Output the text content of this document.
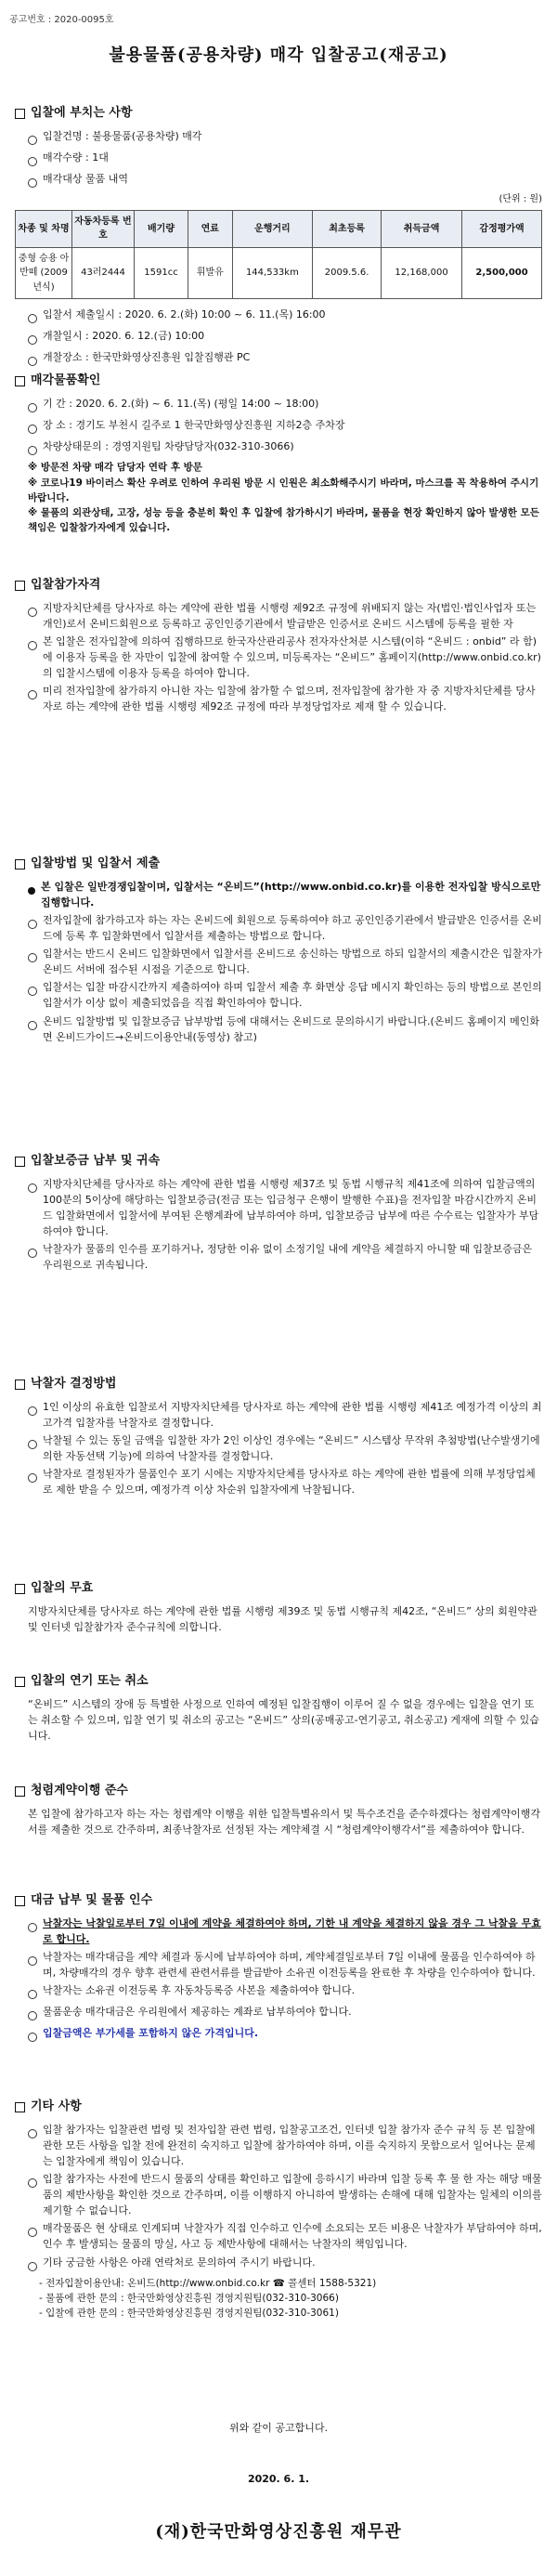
공고번호 : 2020-0095호
불용물품(공용차량) 매각 입찰공고(재공고)
입찰에 부치는 사항
입찰건명 : 불용물품(공용차량) 매각
매각수량 : 1대
매각대상 물품 내역
(단위 : 원)
차종 및 차명	자동차등록 번 호	배기량	연료	운행거리	최초등록	취득금액	감정평가액
중형 승용 아반떼 (2009년식)	43러2444	1591cc	휘발유	144,533km	2009.5.6.	12,168,000	2,500,000
입찰서 제출일시 : 2020. 6. 2.(화) 10:00 ~ 6. 11.(목) 16:00
개찰일시 : 2020. 6. 12.(금) 10:00
개찰장소 : 한국만화영상진흥원 입찰집행관 PC
매각물품확인
기 간 : 2020. 6. 2.(화) ~ 6. 11.(목) (평일 14:00 ~ 18:00)
장 소 : 경기도 부천시 길주로 1 한국만화영상진흥원 지하2층 주차장
차량상태문의 : 경영지원팀 차량담당자(032-310-3066)
※ 방문전 차량 매각 담당자 연락 후 방문
※ 코로나19 바이러스 확산 우려로 인하여 우리원 방문 시 인원은 최소화해주시기 바라며, 마스크를 꼭 착용하여 주시기 바랍니다.
※ 물품의 외관상태, 고장, 성능 등을 충분히 확인 후 입찰에 참가하시기 바라며, 물품을 현장 확인하지 않아 발생한 모든 책임은 입찰참가자에게 있습니다.
입찰참가자격
지방자치단체를 당사자로 하는 계약에 관한 법률 시행령 제92조 규정에 위배되지 않는 자(법인·법인사업자 또는 개인)로서 온비드회원으로 등록하고 공인인증기관에서 발급받은 인증서로 온비드 시스템에 등록을 필한 자
본 입찰은 전자입찰에 의하여 집행하므로 한국자산관리공사 전자자산처분 시스템(이하 “온비드 : onbid” 라 함)에 이용자 등록을 한 자만이 입찰에 참여할 수 있으며, 미등록자는 “온비드” 홈페이지(http://www.onbid.co.kr)의 입찰시스템에 이용자 등록을 하여야 합니다.
미리 전자입찰에 참가하지 아니한 자는 입찰에 참가할 수 없으며, 전자입찰에 참가한 자 중 지방자치단체를 당사자로 하는 계약에 관한 법률 시행령 제92조 규정에 따라 부정당업자로 제재 할 수 있습니다.
입찰방법 및 입찰서 제출
본 입찰은 일반경쟁입찰이며, 입찰서는 “온비드”(http://www.onbid.co.kr)를 이용한 전자입찰 방식으로만 집행합니다.
전자입찰에 참가하고자 하는 자는 온비드에 회원으로 등록하여야 하고 공인인증기관에서 발급받은 인증서를 온비드에 등록 후 입찰화면에서 입찰서를 제출하는 방법으로 합니다.
입찰서는 반드시 온비드 입찰화면에서 입찰서를 온비드로 송신하는 방법으로 하되 입찰서의 제출시간은 입찰자가 온비드 서버에 접수된 시점을 기준으로 합니다.
입찰서는 입찰 마감시간까지 제출하여야 하며 입찰서 제출 후 화면상 응답 메시지 확인하는 등의 방법으로 본인의 입찰서가 이상 없이 제출되었음을 직접 확인하여야 합니다.
온비드 입찰방법 및 입찰보증금 납부방법 등에 대해서는 온비드로 문의하시기 바랍니다.(온비드 홈페이지 메인화면 온비드가이드→온비드이용안내(동영상) 참고)
입찰보증금 납부 및 귀속
지방자치단체를 당사자로 하는 계약에 관한 법률 시행령 제37조 및 동법 시행규칙 제41조에 의하여 입찰금액의 100분의 5이상에 해당하는 입찰보증금(전금 또는 입금청구 은행이 발행한 수표)을 전자입찰 마감시간까지 온비드 입찰화면에서 입찰서에 부여된 은행계좌에 납부하여야 하며, 입찰보증금 납부에 따른 수수료는 입찰자가 부담하여야 합니다.
낙찰자가 물품의 인수를 포기하거나, 정당한 이유 없이 소정기일 내에 계약을 체결하지 아니할 때 입찰보증금은 우리원으로 귀속됩니다.
낙찰자 결정방법
1인 이상의 유효한 입찰로서 지방자치단체를 당사자로 하는 계약에 관한 법률 시행령 제41조 예정가격 이상의 최고가격 입찰자를 낙찰자로 결정합니다.
낙찰될 수 있는 동일 금액을 입찰한 자가 2인 이상인 경우에는 “온비드” 시스템상 무작위 추첨방법(난수발생기에 의한 자동선택 기능)에 의하여 낙찰자를 결정합니다.
낙찰자로 결정된자가 물품인수 포기 시에는 지방자치단체를 당사자로 하는 계약에 관한 법률에 의해 부정당업체로 제한 받을 수 있으며, 예정가격 이상 차순위 입찰자에게 낙찰됩니다.
입찰의 무효
지방자치단체를 당사자로 하는 계약에 관한 법률 시행령 제39조 및 동법 시행규칙 제42조, “온비드” 상의 회원약관 및 인터넷 입찰참가자 준수규칙에 의합니다.
입찰의 연기 또는 취소
“온비드” 시스템의 장애 등 특별한 사정으로 인하여 예정된 입찰집행이 이루어 질 수 없을 경우에는 입찰을 연기 또는 취소할 수 있으며, 입찰 연기 및 취소의 공고는 “온비드” 상의(공매공고-연기공고, 취소공고) 게재에 의할 수 있습니다.
청렴계약이행 준수
본 입찰에 참가하고자 하는 자는 청렴계약 이행을 위한 입찰특별유의서 및 특수조건을 준수하겠다는 청렴계약이행각서를 제출한 것으로 간주하며, 최종낙찰자로 선정된 자는 계약체결 시 “청렴계약이행각서”를 제출하여야 합니다.
대금 납부 및 물품 인수
낙찰자는 낙찰일로부터 7일 이내에 계약을 체결하여야 하며, 기한 내 계약을 체결하지 않을 경우 그 낙찰을 무효로 합니다.
낙찰자는 매각대금을 계약 체결과 동시에 납부하여야 하며, 계약체결일로부터 7일 이내에 물품을 인수하여야 하며, 차량매각의 경우 향후 관련세 관련서류를 발급받아 소유권 이전등록을 완료한 후 차량을 인수하여야 합니다.
낙찰자는 소유권 이전등록 후 자동차등록증 사본을 제출하여야 합니다.
물품운송 매각대금은 우리원에서 제공하는 계좌로 납부하여야 합니다.
입찰금액은 부가세를 포함하지 않은 가격입니다.
기타 사항
입찰 참가자는 입찰관련 법령 및 전자입찰 관련 법령, 입찰공고조건, 인터넷 입찰 참가자 준수 규칙 등 본 입찰에 관한 모든 사항을 입찰 전에 완전히 숙지하고 입찰에 참가하여야 하며, 이를 숙지하지 못함으로서 일어나는 문제는 입찰자에게 책임이 있습니다.
입찰 참가자는 사전에 반드시 물품의 상태를 확인하고 입찰에 응하시기 바라며 입찰 등록 후 물 한 자는 해당 매물품의 제반사항을 확인한 것으로 간주하며, 이를 이행하지 아니하여 발생하는 손해에 대해 입찰자는 일체의 이의를 제기할 수 없습니다.
매각물품은 현 상태로 인계되며 낙찰자가 직접 인수하고 인수에 소요되는 모든 비용은 낙찰자가 부담하여야 하며, 인수 후 발생되는 물품의 망실, 사고 등 제반사항에 대해서는 낙찰자의 책임입니다.
기타 궁금한 사항은 아래 연락처로 문의하여 주시기 바랍니다.
- 전자입찰이용안내: 온비드(http://www.onbid.co.kr ☎ 콜센터 1588-5321)
- 물품에 관한 문의 : 한국만화영상진흥원 경영지원팀(032-310-3066)
- 입찰에 관한 문의 : 한국만화영상진흥원 경영지원팀(032-310-3061)
위와 같이 공고합니다.
2020. 6. 1.
(재)한국만화영상진흥원 재무관
